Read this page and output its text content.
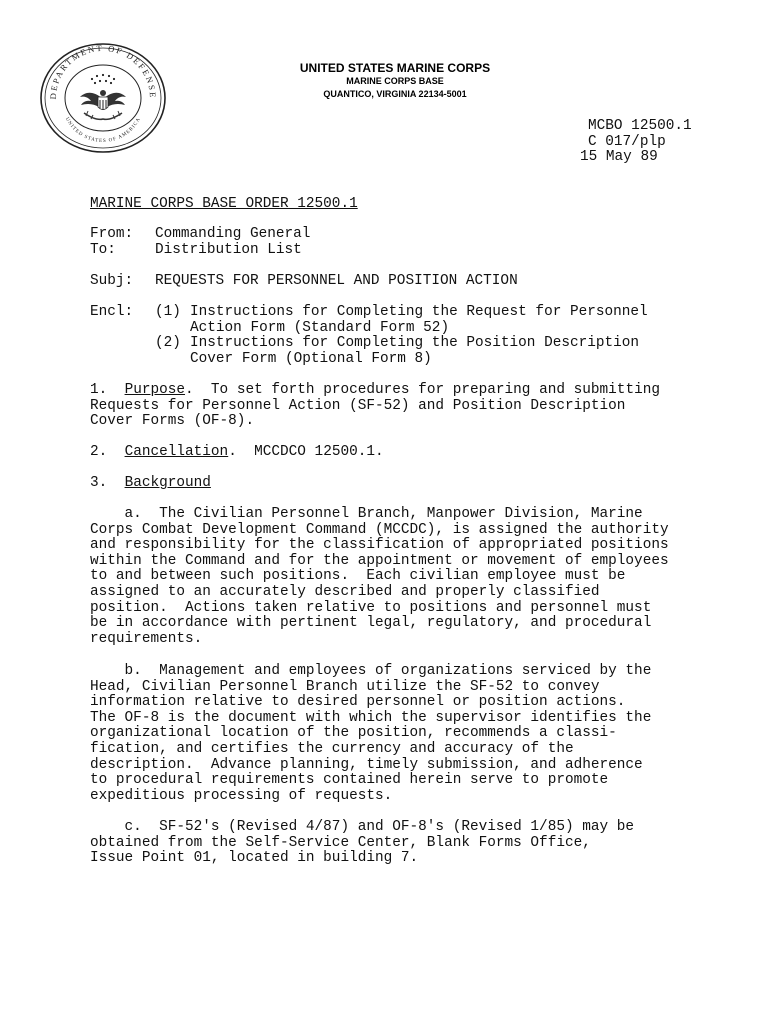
DEPARTMENT OF DEFENSE
UNITED STATES OF AMERICA
UNITED STATES MARINE CORPS
MARINE CORPS BASE
QUANTICO, VIRGINIA 22134-5001
MCBO 12500.1
C 017/plp
15 May 89
MARINE CORPS BASE ORDER 12500.1
From: Commanding General
To:	Distribution List
Subj: REQUESTS FOR PERSONNEL AND POSITION ACTION
Encl: (1) Instructions for Completing the Request for Personnel
Action Form (Standard Form 52)
(2) Instructions for Completing the Position Description
Cover Form (Optional Form 8)
1. Purpose.  To set forth procedures for preparing and submitting
Requests for Personnel Action (SF-52) and Position Description
Cover Forms (OF-8).
2. Cancellation.  MCCDCO 12500.1.
3. Background
a.  The Civilian Personnel Branch, Manpower Division, Marine
Corps Combat Development Command (MCCDC), is assigned the authority
and responsibility for the classification of appropriated positions
within the Command and for the appointment or movement of employees
to and between such positions.  Each civilian employee must be
assigned to an accurately described and properly classified
position.  Actions taken relative to positions and personnel must
be in accordance with pertinent legal, regulatory, and procedural
requirements.
b.  Management and employees of organizations serviced by the
Head, Civilian Personnel Branch utilize the SF-52 to convey
information relative to desired personnel or position actions.
The OF-8 is the document with which the supervisor identifies the
organizational location of the position, recommends a classi-
fication, and certifies the currency and accuracy of the
description.  Advance planning, timely submission, and adherence
to procedural requirements contained herein serve to promote
expeditious processing of requests.
c.  SF-52's (Revised 4/87) and OF-8's (Revised 1/85) may be
obtained from the Self-Service Center, Blank Forms Office,
Issue Point 01, located in building 7.
